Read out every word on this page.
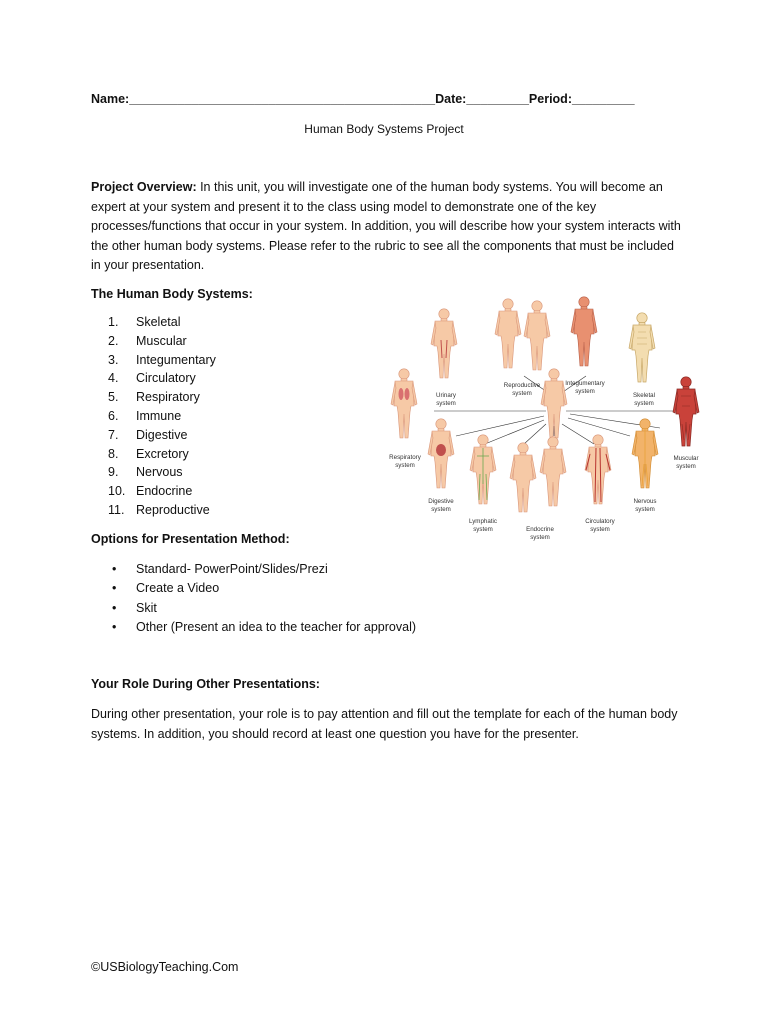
Name:____________________________________________Date:_________Period:_________
Human Body Systems Project
Project Overview: In this unit, you will investigate one of the human body systems. You will become an expert at your system and present it to the class using model to demonstrate one of the key processes/functions that occur in your system. In addition, you will describe how your system interacts with the other human body systems. Please refer to the rubric to see all the components that must be included in your presentation.
The Human Body Systems:
1. Skeletal
2. Muscular
3. Integumentary
4. Circulatory
5. Respiratory
6. Immune
7. Digestive
8. Excretory
9. Nervous
10. Endocrine
11. Reproductive
Urinary
system
Reproductive
system
Integumentary
system
Skeletal
system
Respiratory
system
Muscular
system
Digestive
system
Lymphatic
system	Endocrine
system
Circulatory
system
Nervous
system
Options for Presentation Method:
• Standard- PowerPoint/Slides/Prezi
• Create a Video
• Skit
• Other (Present an idea to the teacher for approval)
Your Role During Other Presentations:
During other presentation, your role is to pay attention and fill out the template for each of the human body systems. In addition, you should record at least one question you have for the presenter.
©USBiologyTeaching.Com
